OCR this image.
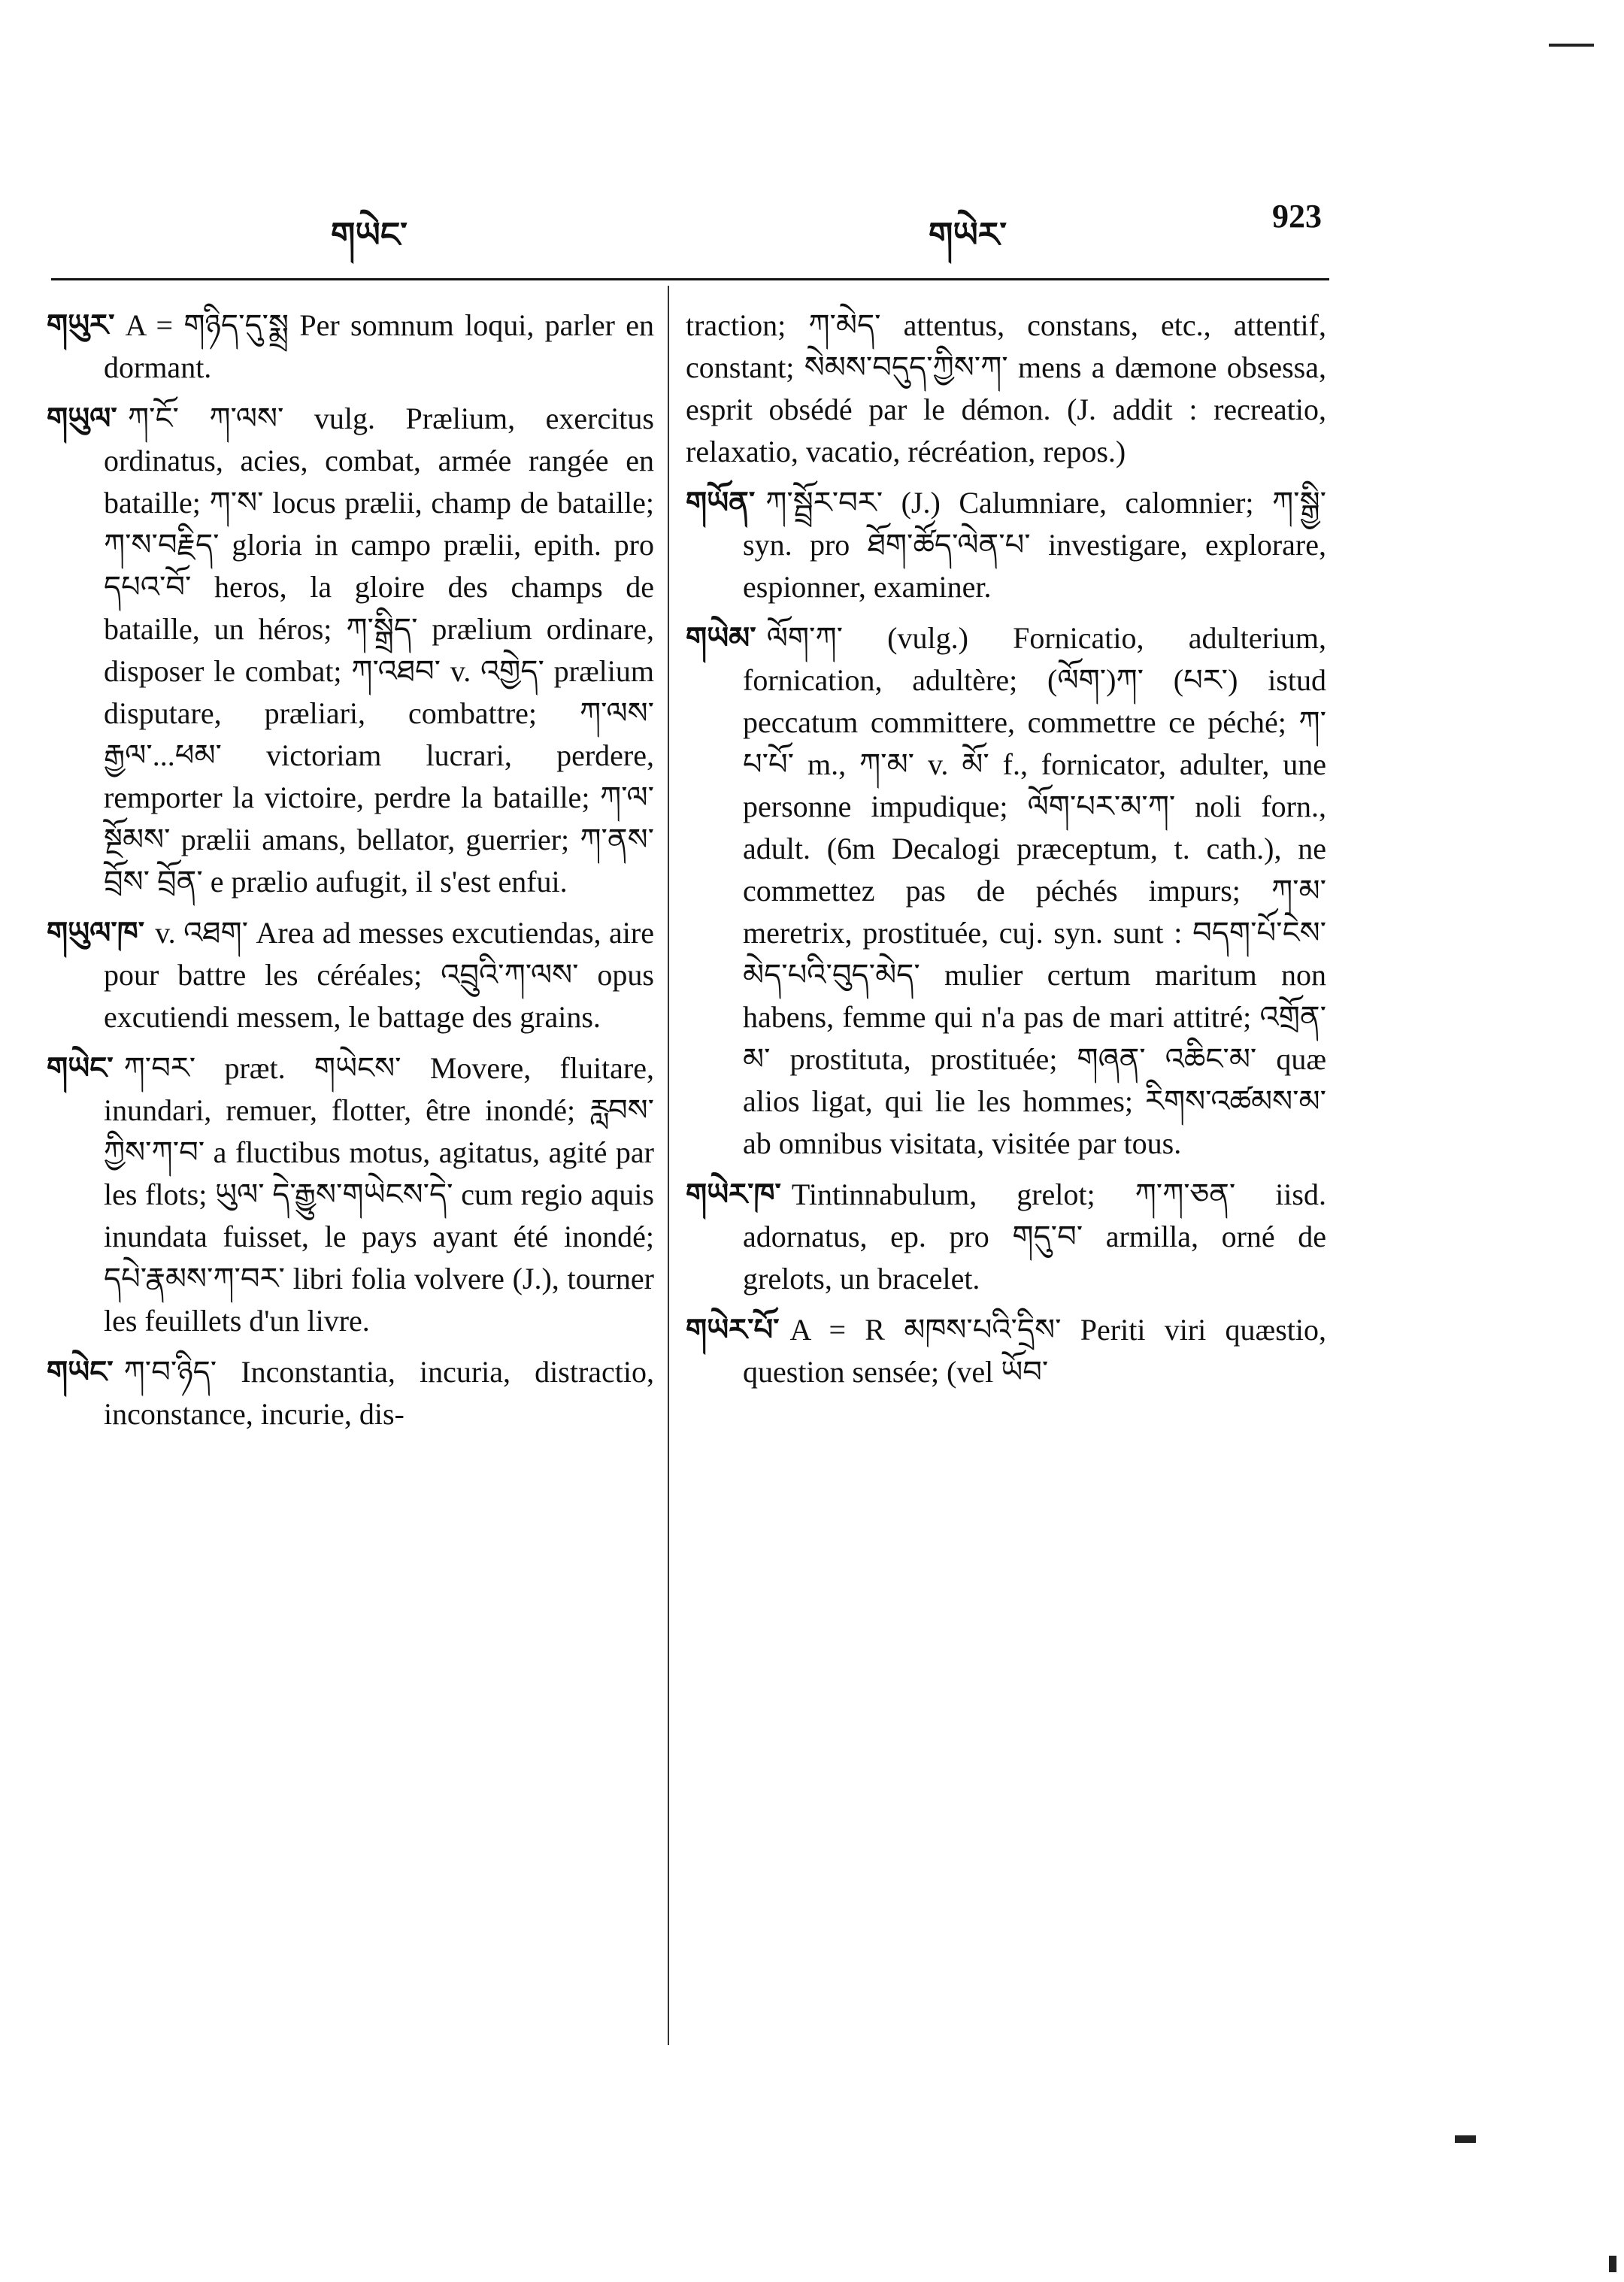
གཡེང་	གཡེར་	923

གཡུར་ A = གཉིད་དུ་སྨྲ Per somnum loqui, parler en dormant.

གཡུལ་ ཀ་ངོ་ ཀ་ལས་ vulg. Prælium, exercitus ordinatus, acies, combat, armée rangée en bataille; ཀ་ས་ locus prælii, champ de bataille; ཀ་ས་བརྗིད་ gloria in campo prælii, epith. pro དཔའ་བོ་ heros, la gloire des champs de bataille, un héros; ཀ་སྒྲིད་ prælium ordinare, disposer le combat; ཀ་འཐབ་ v. འགྱེད་ prælium disputare, præliari, combattre; ཀ་ལས་རྒྱལ་...ཕམ་ victoriam lucrari, perdere, remporter la victoire, perdre la bataille; ཀ་ལ་སྔོམས་ prælii amans, bellator, guerrier; ཀ་ནས་བྲོས་ བྲོན་ e prælio aufugit, il s'est enfui.

གཡུལ་ཁ་ v. འཐག་ Area ad messes excutiendas, aire pour battre les céréales; འབྲུའི་ཀ་ལས་ opus excutiendi messem, le battage des grains.

གཡེང་ ཀ་བར་ præt. གཡེངས་ Movere, fluitare, inundari, remuer, flotter, être inondé; རླབས་ཀྱིས་ཀ་བ་ a fluctibus motus, agitatus, agité par les flots; ཡུལ་ དེ་རྒྱུས་གཡེངས་དེ་ cum regio aquis inundata fuisset, le pays ayant été inondé; དཔེ་རྣམས་ཀ་བར་ libri folia volvere (J.), tourner les feuillets d'un livre.

གཡེང་ ཀ་བ་ཉིད་ Inconstantia, incuria, distractio, inconstance, incurie, dis-

traction; ཀ་མེད་ attentus, constans, etc., attentif, constant; སེམས་བདུད་ཀྱིས་ཀ་ mens a dæmone obsessa, esprit obsédé par le démon. (J. addit : recreatio, relaxatio, vacatio, récréation, repos.)

གཡོན་ ཀ་སྦྲོར་བར་ (J.) Calumniare, calomnier; ཀ་སྒྱི་ syn. pro ཐོག་ཚོད་ལེན་པ་ investigare, explorare, espionner, examiner.

གཡེམ་ ལོག་ཀ་ (vulg.) Fornicatio, adulterium, fornication, adultère; (ལོག་)ཀ་ (པར་) istud peccatum committere, commettre ce péché; ཀ་པ་པོ་ m., ཀ་མ་ v. མོ་ f., fornicator, adulter, une personne impudique; ལོག་པར་མ་ཀ་ noli forn., adult. (6m Decalogi præceptum, t. cath.), ne commettez pas de péchés impurs; ཀ་མ་ meretrix, prostituée, cuj. syn. sunt : བདག་པོ་ངེས་མེད་པའི་བུད་མེད་ mulier certum maritum non habens, femme qui n'a pas de mari attitré; འགྲོན་མ་ prostituta, prostituée; གཞན་ འཆིང་མ་ quæ alios ligat, qui lie les hommes; རིགས་འཚམས་མ་ ab omnibus visitata, visitée par tous.

གཡེར་ཁ་ Tintinnabulum, grelot; ཀ་ཀ་ཅན་ iisd. adornatus, ep. pro གདུ་བ་ armilla, orné de grelots, un bracelet.

གཡེར་པོ་ A = R མཁས་པའི་དྲིས་ Periti viri quæstio, question sensée; (vel ཡོབ་
